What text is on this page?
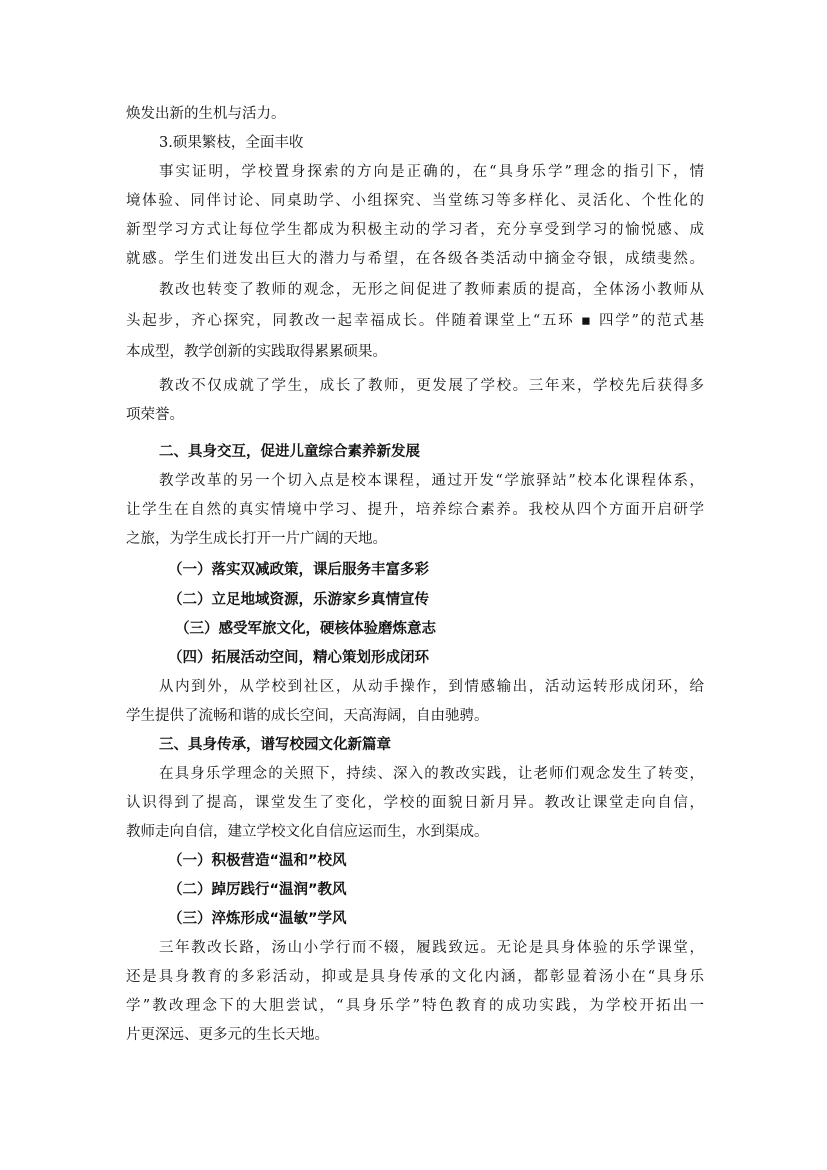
焕发出新的生机与活力。
3.硕果繁枝，全面丰收
事实证明，学校置身探索的方向是正确的，在“具身乐学”理念的指引下，情
境体验、同伴讨论、同桌助学、小组探究、当堂练习等多样化、灵活化、个性化的
新型学习方式让每位学生都成为积极主动的学习者，充分享受到学习的愉悦感、成
就感。学生们迸发出巨大的潜力与希望，在各级各类活动中摘金夺银，成绩斐然。
教改也转变了教师的观念，无形之间促进了教师素质的提高，全体汤小教师从
头起步，齐心探究，同教改一起幸福成长。伴随着课堂上“五环 ▪ 四学”的范式基
本成型，教学创新的实践取得累累硕果。
教改不仅成就了学生，成长了教师，更发展了学校。三年来，学校先后获得多
项荣誉。
二、具身交互，促进儿童综合素养新发展
教学改革的另一个切入点是校本课程，通过开发“学旅驿站”校本化课程体系，
让学生在自然的真实情境中学习、提升，培养综合素养。我校从四个方面开启研学
之旅，为学生成长打开一片广阔的天地。
（一）落实双减政策，课后服务丰富多彩
（二）立足地域资源，乐游家乡真情宣传
（三）感受军旅文化，硬核体验磨炼意志
（四）拓展活动空间，精心策划形成闭环
从内到外，从学校到社区，从动手操作，到情感输出，活动运转形成闭环，给
学生提供了流畅和谐的成长空间，天高海阔，自由驰骋。
三、具身传承，谱写校园文化新篇章
在具身乐学理念的关照下，持续、深入的教改实践，让老师们观念发生了转变，
认识得到了提高，课堂发生了变化，学校的面貌日新月异。教改让课堂走向自信，
教师走向自信，建立学校文化自信应运而生，水到渠成。
（一）积极营造“温和”校风
（二）踔厉践行“温润”教风
（三）淬炼形成“温敏”学风
三年教改长路，汤山小学行而不辍，履践致远。无论是具身体验的乐学课堂，
还是具身教育的多彩活动，抑或是具身传承的文化内涵，都彰显着汤小在“具身乐
学”教改理念下的大胆尝试，“具身乐学”特色教育的成功实践，为学校开拓出一
片更深远、更多元的生长天地。
